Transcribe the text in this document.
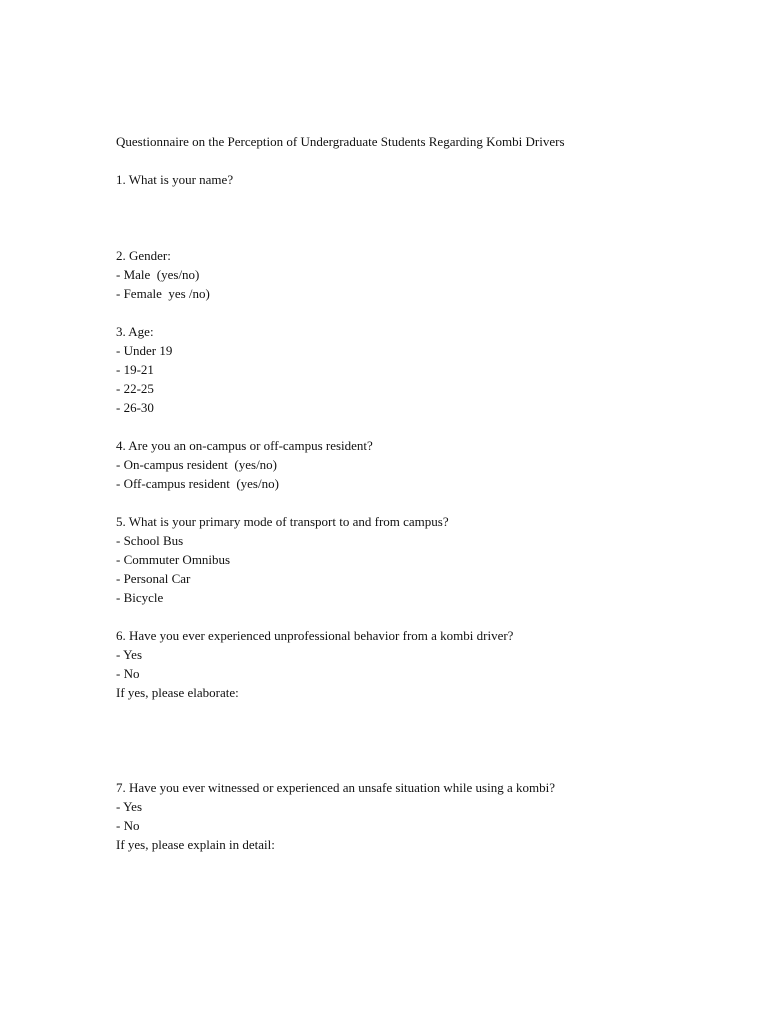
Questionnaire on the Perception of Undergraduate Students Regarding Kombi Drivers
1. What is your name?
2. Gender:
- Male  (yes/no)
- Female  yes /no)
3. Age:
- Under 19
- 19-21
- 22-25
- 26-30
4. Are you an on-campus or off-campus resident?
- On-campus resident  (yes/no)
- Off-campus resident  (yes/no)
5. What is your primary mode of transport to and from campus?
- School Bus
- Commuter Omnibus
- Personal Car
- Bicycle
6. Have you ever experienced unprofessional behavior from a kombi driver?
- Yes
- No
If yes, please elaborate:
7. Have you ever witnessed or experienced an unsafe situation while using a kombi?
- Yes
- No
If yes, please explain in detail:
